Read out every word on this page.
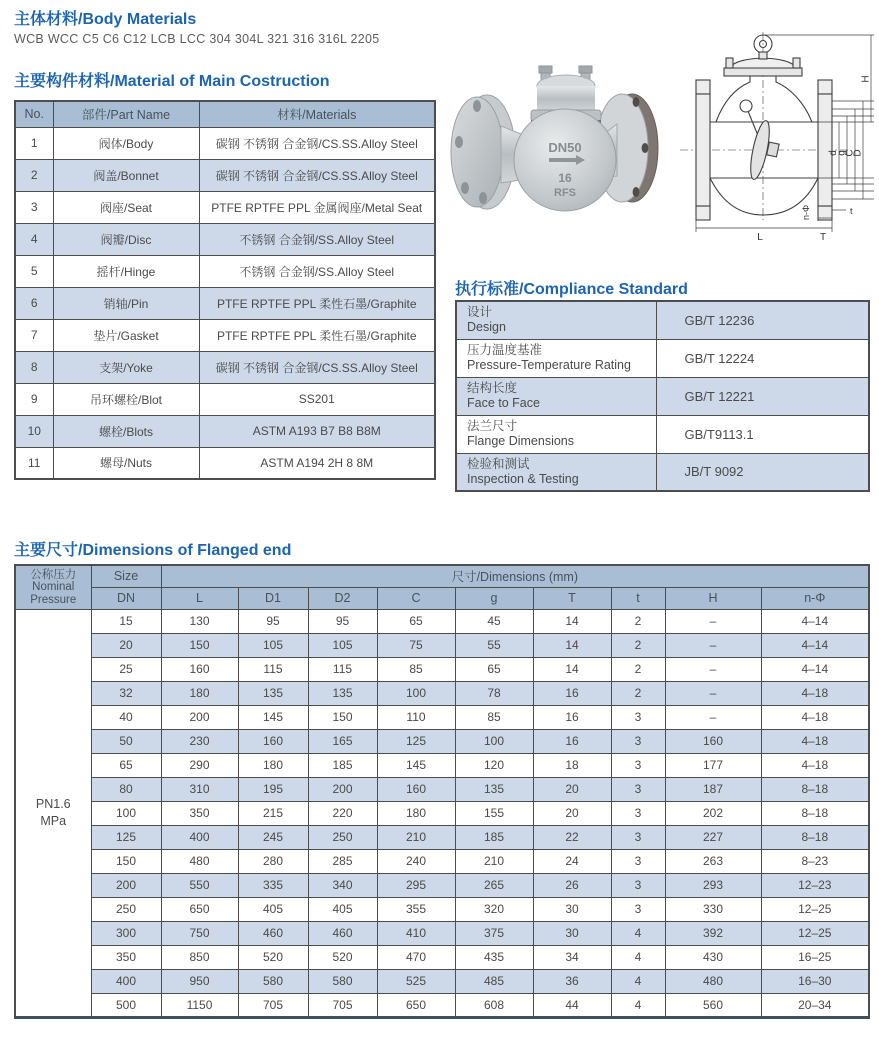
主体材料/Body Materials
WCB WCC C5 C6 C12 LCB LCC 304 304L 321 316 316L 2205
主要构件材料/Material of Main Costruction
No.	部件/Part Name	材料/Materials
1	阀体/Body	碳钢 不锈钢 合金钢/CS.SS.Alloy Steel
2	阀盖/Bonnet	碳钢 不锈钢 合金钢/CS.SS.Alloy Steel
3	阀座/Seat	PTFE RPTFE PPL 金属阀座/Metal Seat
4	阀瓣/Disc	不锈钢 合金钢/SS.Alloy Steel
5	摇杆/Hinge	不锈钢 合金钢/SS.Alloy Steel
6	销轴/Pin	PTFE RPTFE PPL 柔性石墨/Graphite
7	垫片/Gasket	PTFE RPTFE PPL 柔性石墨/Graphite
8	支架/Yoke	碳钢 不锈钢 合金钢/CS.SS.Alloy Steel
9	吊环螺栓/Blot	SS201
10	螺栓/Blots	ASTM A193 B7 B8 B8M
11	螺母/Nuts	ASTM A194 2H 8 8M
DN50
16
RFS
d
g
C
D
H
L	T
t
n-Φ
执行标准/Compliance Standard
设计
Design	GB/T 12236

压力温度基准
Pressure-Temperature Rating	GB/T 12224

结构长度
Face to Face	GB/T 12221

法兰尺寸
Flange Dimensions	GB/T9113.1

检验和测试
Inspection & Testing	JB/T 9092
主要尺寸/Dimensions of Flanged end
公称压力
Nominal Pressure	Size	尺寸/Dimensions (mm)								
	DN	L	D1	D2	C	g	T	t	H	n-Φ

PN1.6
MPa	15	130	95	95	65	45	14	2	–	4–14
	20	150	105	105	75	55	14	2	–	4–14
	25	160	115	115	85	65	14	2	–	4–14
	32	180	135	135	100	78	16	2	–	4–18
	40	200	145	150	110	85	16	3	–	4–18
	50	230	160	165	125	100	16	3	160	4–18
	65	290	180	185	145	120	18	3	177	4–18
	80	310	195	200	160	135	20	3	187	8–18
	100	350	215	220	180	155	20	3	202	8–18
	125	400	245	250	210	185	22	3	227	8–18
	150	480	280	285	240	210	24	3	263	8–23
	200	550	335	340	295	265	26	3	293	12–23
	250	650	405	405	355	320	30	3	330	12–25
	300	750	460	460	410	375	30	4	392	12–25
	350	850	520	520	470	435	34	4	430	16–25
	400	950	580	580	525	485	36	4	480	16–30
	500	1150	705	705	650	608	44	4	560	20–34
